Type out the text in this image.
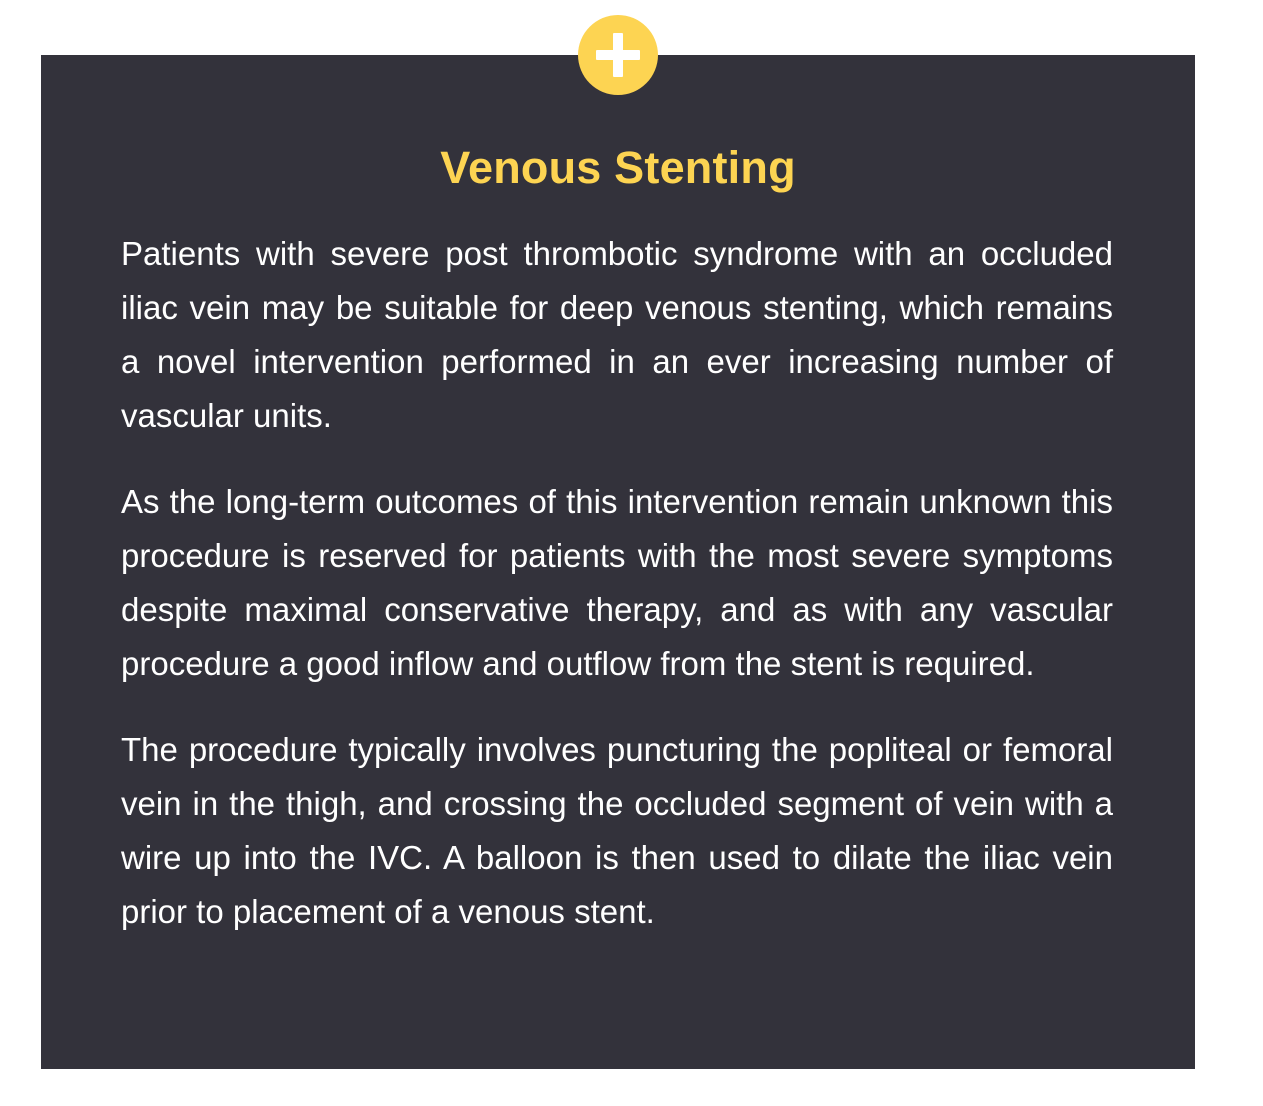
Venous Stenting

Patients with severe post thrombotic syndrome with an occluded iliac vein may be suitable for deep venous stenting, which remains a novel intervention performed in an ever increasing number of vascular units.

As the long-term outcomes of this intervention remain unknown this procedure is reserved for patients with the most severe symptoms despite maximal conservative therapy, and as with any vascular procedure a good inflow and outflow from the stent is required.

The procedure typically involves puncturing the popliteal or femoral vein in the thigh, and crossing the occluded segment of vein with a wire up into the IVC. A balloon is then used to dilate the iliac vein prior to placement of a venous stent.
